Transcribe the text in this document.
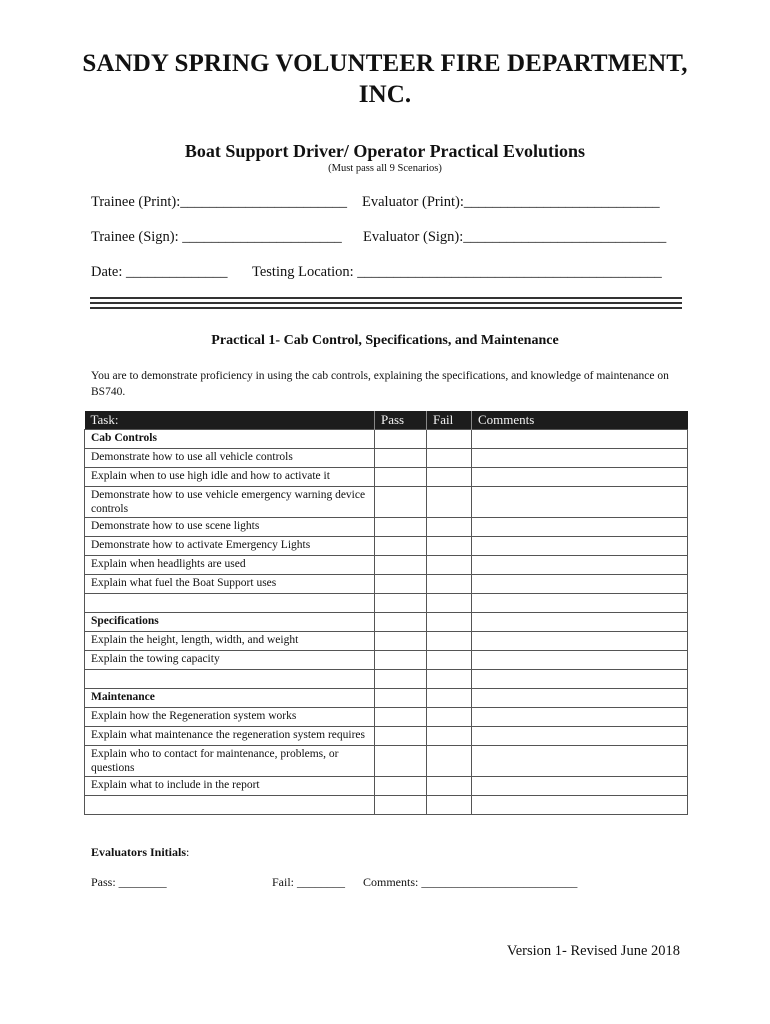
SANDY SPRING VOLUNTEER FIRE DEPARTMENT,
INC.
Boat Support Driver/ Operator Practical Evolutions
(Must pass all 9 Scenarios)
Trainee (Print):_______________________ Evaluator (Print):___________________________
Trainee (Sign): ______________________ Evaluator (Sign):____________________________
Date: ______________ Testing Location: __________________________________________
Practical 1- Cab Control, Specifications, and Maintenance
You are to demonstrate proficiency in using the cab controls, explaining the specifications, and knowledge of maintenance on BS740.
Task:	Pass	Fail	Comments
Cab Controls			
Demonstrate how to use all vehicle controls			
Explain when to use high idle and how to activate it			
Demonstrate how to use vehicle emergency warning device controls			
Demonstrate how to use scene lights			
Demonstrate how to activate Emergency Lights			
Explain when headlights are used			
Explain what fuel the Boat Support uses			

Specifications			
Explain the height, length, width, and weight			
Explain the towing capacity			

Maintenance			
Explain how the Regeneration system works			
Explain what maintenance the regeneration system requires			
Explain who to contact for maintenance, problems, or questions			
Explain what to include in the report			

Evaluators Initials:
Pass: ________	Fail: ________ Comments: __________________________
Version 1- Revised June 2018
